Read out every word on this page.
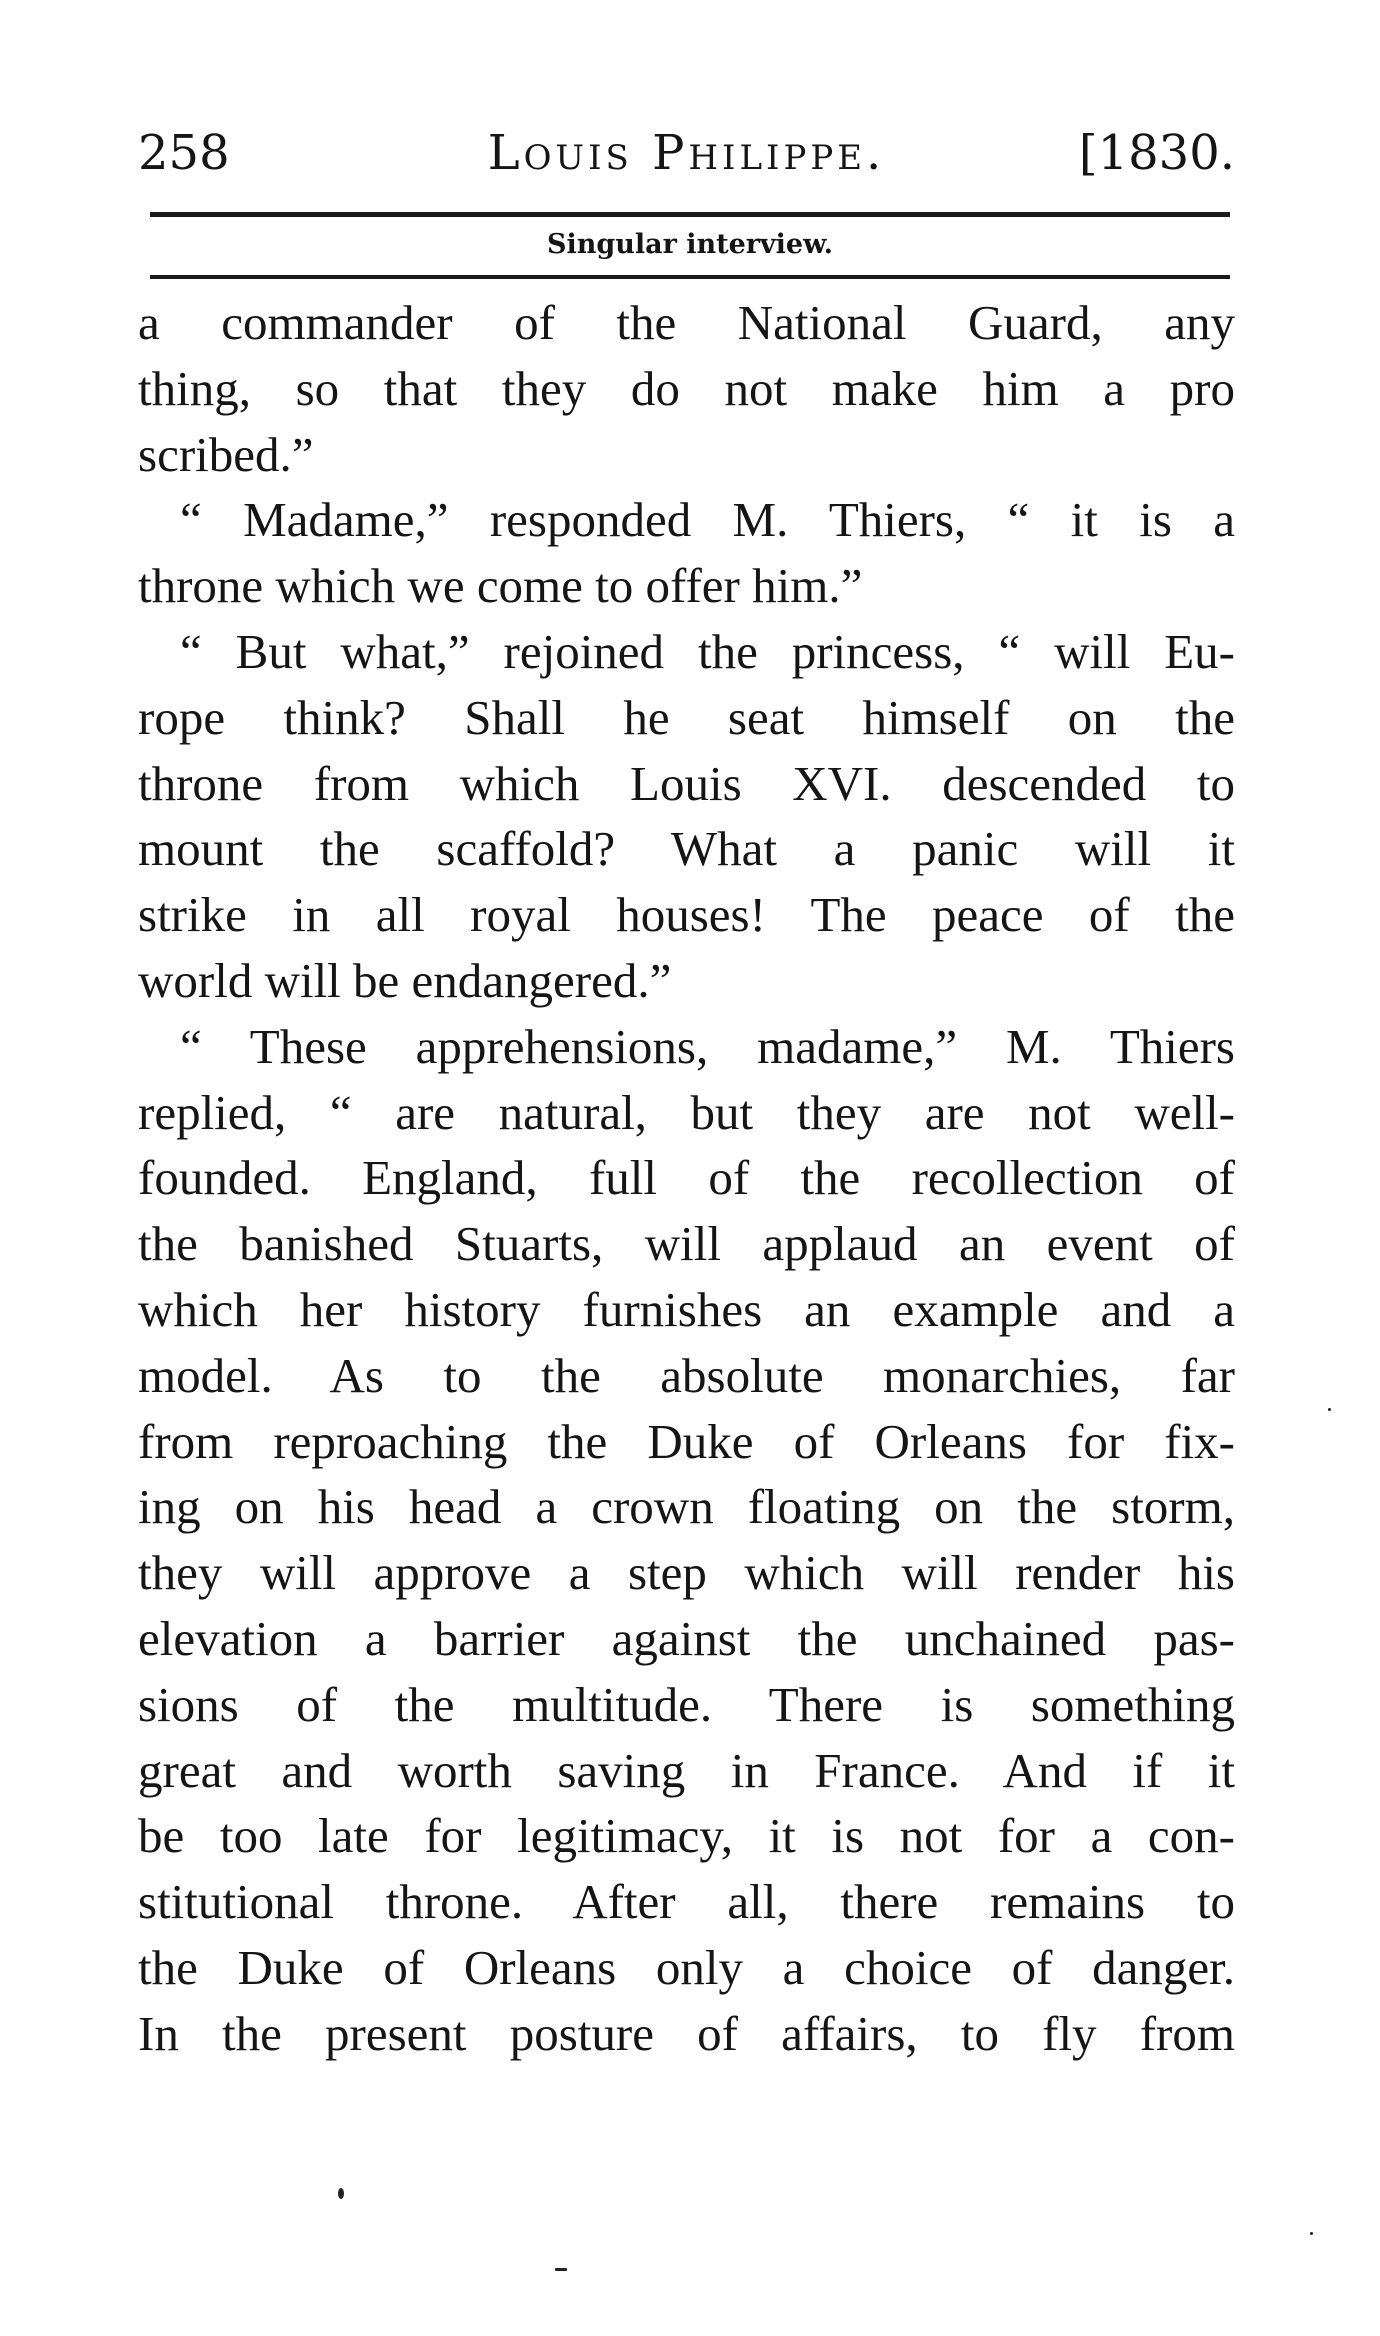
258	Louis Philippe.	[1830.
Singular interview.
a commander of the National Guard, any
thing, so that they do not make him a pro
scribed.”
“ Madame,” responded M. Thiers, “ it is a
throne which we come to offer him.”
“ But what,” rejoined the princess, “ will Eu-
rope think? Shall he seat himself on the
throne from which Louis XVI. descended to
mount the scaffold? What a panic will it
strike in all royal houses! The peace of the
world will be endangered.”
“ These apprehensions, madame,” M. Thiers
replied, “ are natural, but they are not well-
founded. England, full of the recollection of
the banished Stuarts, will applaud an event of
which her history furnishes an example and a
model. As to the absolute monarchies, far
from reproaching the Duke of Orleans for fix-
ing on his head a crown floating on the storm,
they will approve a step which will render his
elevation a barrier against the unchained pas-
sions of the multitude. There is something
great and worth saving in France. And if it
be too late for legitimacy, it is not for a con-
stitutional throne. After all, there remains to
the Duke of Orleans only a choice of danger.
In the present posture of affairs, to fly from
